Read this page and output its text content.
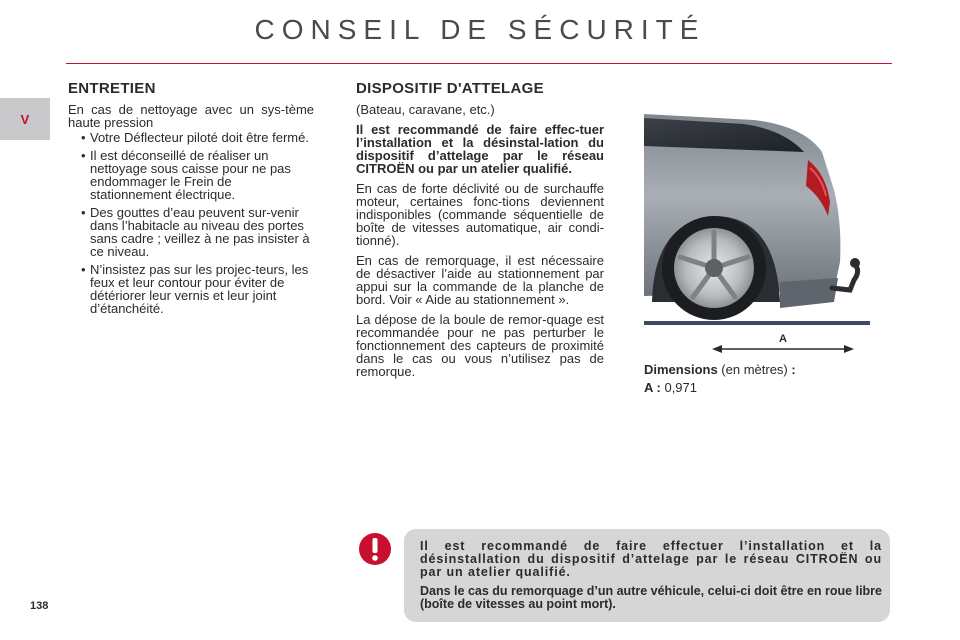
CONSEIL DE SÉCURITÉ
V
138
ENTRETIEN
En cas de nettoyage avec un sys-tème haute pression
• Votre Déflecteur piloté doit être fermé.
• Il est déconseillé de réaliser un nettoyage sous caisse pour ne pas endommager le Frein de stationnement électrique.
• Des gouttes d’eau peuvent sur-venir dans l’habitacle au niveau des portes sans cadre ; veillez à ne pas insister à ce niveau.
• N’insistez pas sur les projec-teurs, les feux et leur contour pour éviter de détériorer leur vernis et leur joint d’étanchéité.
DISPOSITIF D'ATTELAGE

(Bateau, caravane, etc.)

Il est recommandé de faire effec-tuer l’installation et la désinstal-lation du dispositif d’attelage par le réseau CITROËN ou par un atelier qualifié.

En cas de forte déclivité ou de surchauffe moteur, certaines fonc-tions deviennent indisponibles (commande séquentielle de boîte de vitesses automatique, air condi-tionné).

En cas de remorquage, il est nécessaire de désactiver l’aide au stationnement par appui sur la commande de la planche de bord. Voir « Aide au stationnement ».

La dépose de la boule de remor-quage est recommandée pour ne pas perturber le fonctionnement des capteurs de proximité dans le cas ou vous n’utilisez pas de remorque.

A
Dimensions (en mètres) :
A : 0,971

Il est recommandé de faire effectuer l’installation et la désinstallation du dispositif d’attelage par le réseau CITROËN ou par un atelier qualifié.

Dans le cas du remorquage d’un autre véhicule, celui-ci doit être en roue libre (boîte de vitesses au point mort).
